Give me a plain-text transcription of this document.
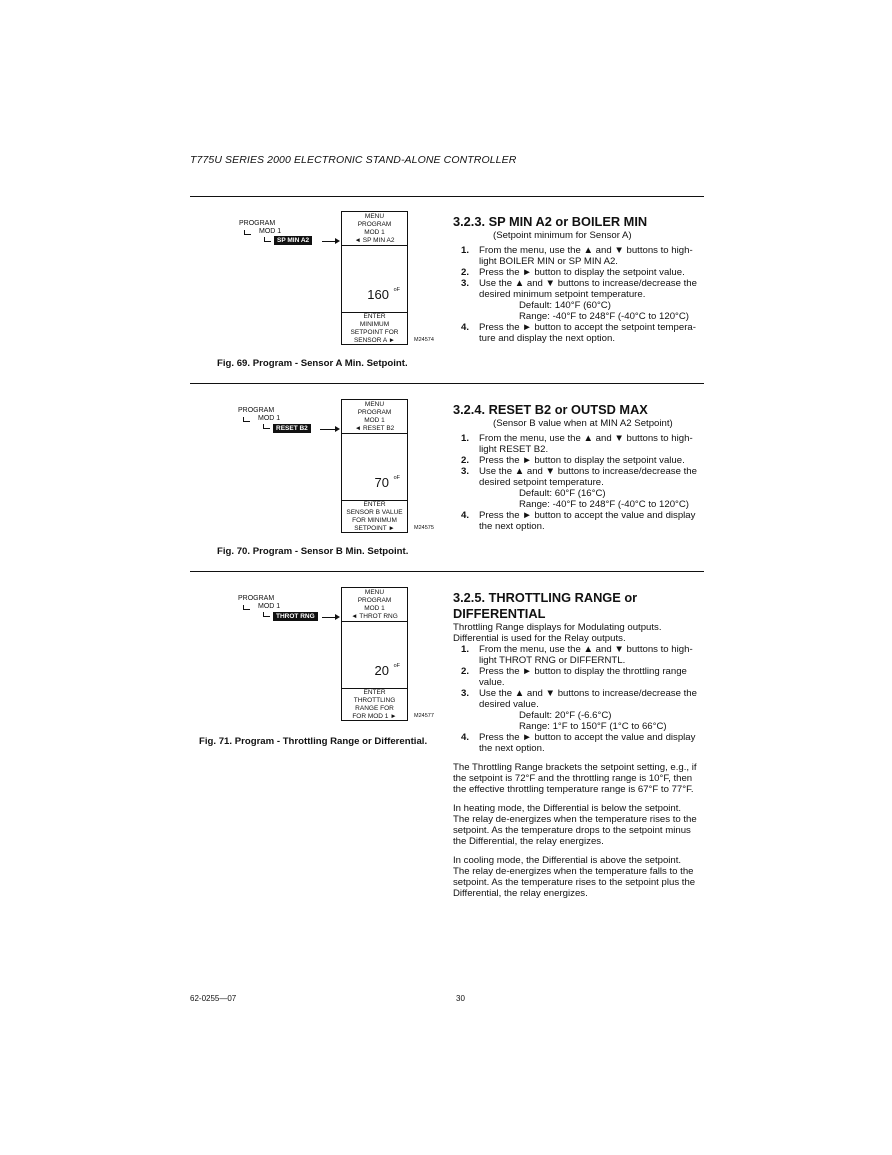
T775U SERIES 2000 ELECTRONIC STAND-ALONE CONTROLLER
PROGRAM
MOD 1
SP MIN A2
MENU
PROGRAM
MOD 1
◄ SP MIN A2
160 oF
ENTER
MINIMUM
SETPOINT FOR
SENSOR A ►	M24574
Fig. 69. Program - Sensor A Min. Setpoint.
PROGRAM
MOD 1
RESET B2
MENU
PROGRAM
MOD 1
◄ RESET B2
70 oF
ENTER
SENSOR B VALUE
FOR MINIMUM
SETPOINT ►	M24575
Fig. 70. Program - Sensor B Min. Setpoint.
PROGRAM
MOD 1
THROT RNG
MENU
PROGRAM
MOD 1
◄ THROT RNG
20 oF
ENTER
THROTTLING
RANGE FOR
FOR MOD 1 ►	M24577
Fig. 71. Program - Throttling Range or Differential.
3.2.3. SP MIN A2 or BOILER MIN

(Setpoint minimum for Sensor A)

1. From the menu, use the ▲ and ▼ buttons to high-
light BOILER MIN or SP MIN A2.
2. Press the ► button to display the setpoint value.
3. Use the ▲ and ▼ buttons to increase/decrease the
desired minimum setpoint temperature.
Default: 140°F (60°C)
Range: -40°F to 248°F (-40°C to 120°C)
4. Press the ► button to accept the setpoint tempera-
ture and display the next option.
3.2.4. RESET B2 or OUTSD MAX

(Sensor B value when at MIN A2 Setpoint)

1. From the menu, use the ▲ and ▼ buttons to high-
light RESET B2.
2. Press the ► button to display the setpoint value.
3. Use the ▲ and ▼ buttons to increase/decrease the
desired setpoint temperature.
Default: 60°F (16°C)
Range: -40°F to 248°F (-40°C to 120°C)
4. Press the ► button to accept the value and display
the next option.
3.2.5. THROTTLING RANGE or
DIFFERENTIAL
Throttling Range displays for Modulating outputs.
Differential is used for the Relay outputs.
1. From the menu, use the ▲ and ▼ buttons to high-
light THROT RNG or DIFFERNTL.
2. Press the ► button to display the throttling range
value.
3. Use the ▲ and ▼ buttons to increase/decrease the
desired value.
Default: 20°F (-6.6°C)
Range: 1°F to 150°F (1°C to 66°C)
4. Press the ► button to accept the value and display
the next option.
The Throttling Range brackets the setpoint setting, e.g., if
the setpoint is 72°F and the throttling range is 10°F, then
the effective throttling temperature range is 67°F to 77°F.
In heating mode, the Differential is below the setpoint.
The relay de-energizes when the temperature rises to the
setpoint. As the temperature drops to the setpoint minus
the Differential, the relay energizes.
In cooling mode, the Differential is above the setpoint.
The relay de-energizes when the temperature falls to the
setpoint. As the temperature rises to the setpoint plus the
Differential, the relay energizes.
62-0255—07	30
